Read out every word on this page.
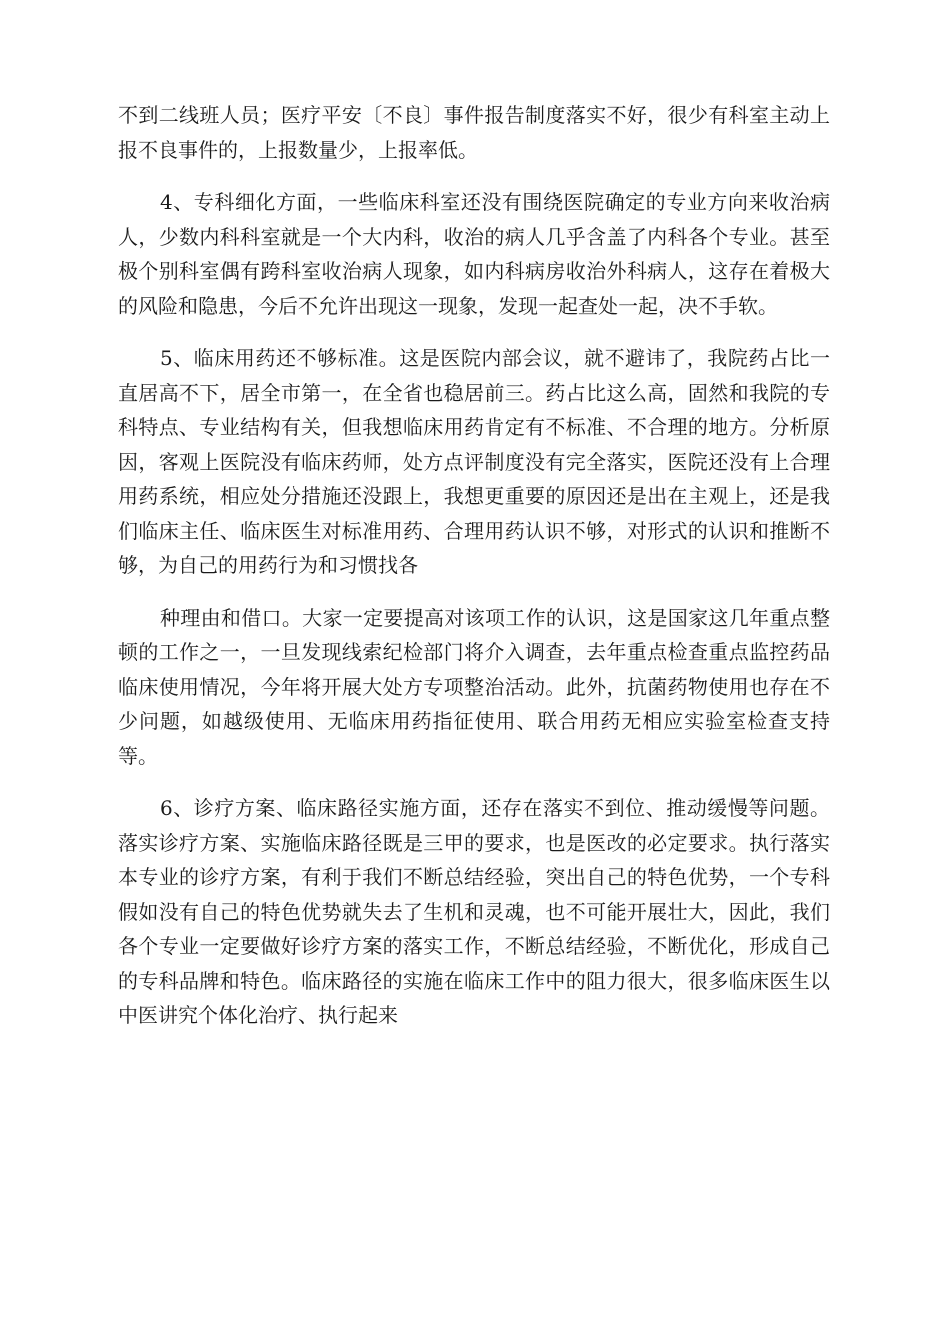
不到二线班人员；医疗平安〔不良〕事件报告制度落实不好，很少有科室主动上报不良事件的，上报数量少，上报率低。

4、专科细化方面，一些临床科室还没有围绕医院确定的专业方向来收治病人，少数内科科室就是一个大内科，收治的病人几乎含盖了内科各个专业。甚至极个别科室偶有跨科室收治病人现象，如内科病房收治外科病人，这存在着极大的风险和隐患，今后不允许出现这一现象，发现一起查处一起，决不手软。

5、临床用药还不够标准。这是医院内部会议，就不避讳了，我院药占比一直居高不下，居全市第一，在全省也稳居前三。药占比这么高，固然和我院的专科特点、专业结构有关，但我想临床用药肯定有不标准、不合理的地方。分析原因，客观上医院没有临床药师，处方点评制度没有完全落实，医院还没有上合理用药系统，相应处分措施还没跟上，我想更重要的原因还是出在主观上，还是我们临床主任、临床医生对标准用药、合理用药认识不够，对形式的认识和推断不够，为自己的用药行为和习惯找各

种理由和借口。大家一定要提高对该项工作的认识，这是国家这几年重点整顿的工作之一，一旦发现线索纪检部门将介入调查，去年重点检查重点监控药品临床使用情况，今年将开展大处方专项整治活动。此外，抗菌药物使用也存在不少问题，如越级使用、无临床用药指征使用、联合用药无相应实验室检查支持等。

6、诊疗方案、临床路径实施方面，还存在落实不到位、推动缓慢等问题。落实诊疗方案、实施临床路径既是三甲的要求，也是医改的必定要求。执行落实本专业的诊疗方案，有利于我们不断总结经验，突出自己的特色优势，一个专科假如没有自己的特色优势就失去了生机和灵魂，也不可能开展壮大，因此，我们各个专业一定要做好诊疗方案的落实工作，不断总结经验，不断优化，形成自己的专科品牌和特色。临床路径的实施在临床工作中的阻力很大，很多临床医生以中医讲究个体化治疗、执行起来
